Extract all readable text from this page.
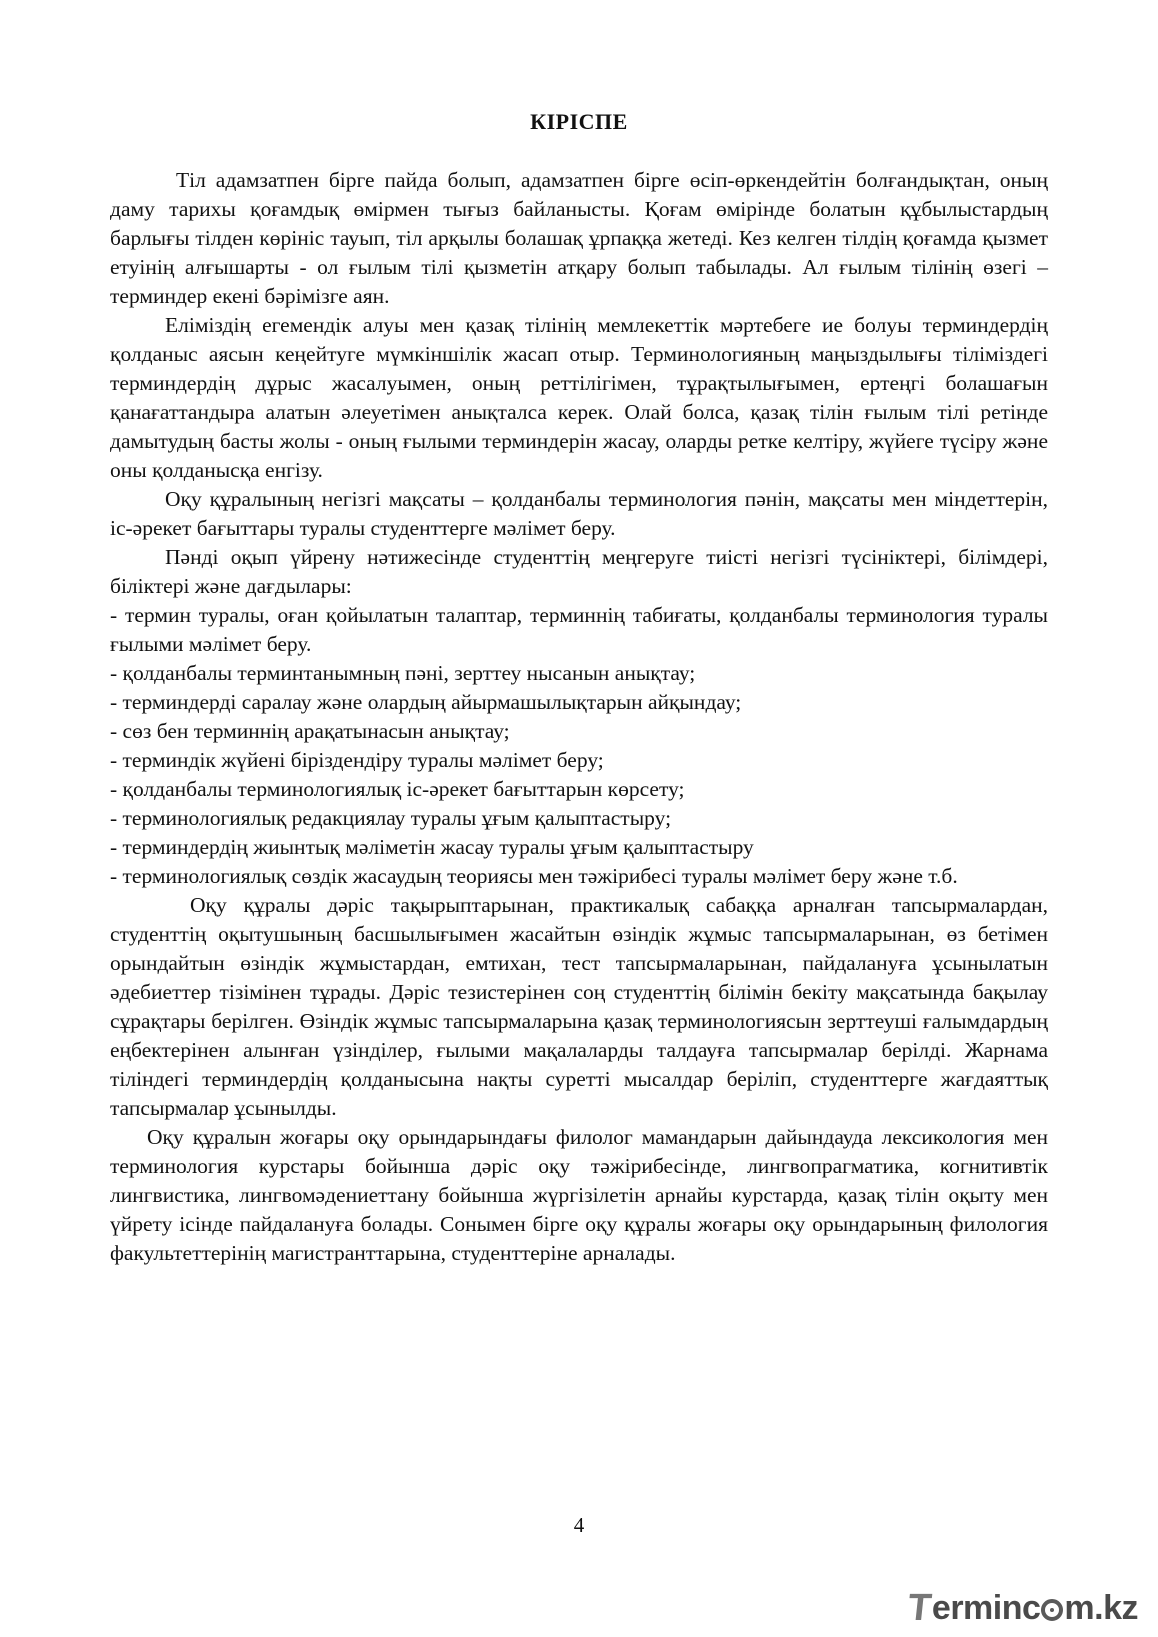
КІРІСПЕ

Тіл адамзатпен бірге пайда болып, адамзатпен бірге өсіп-өркендейтін болғандықтан, оның даму тарихы қоғамдық өмірмен тығыз байланысты. Қоғам өмірінде болатын құбылыстардың барлығы тілден көрініс тауып, тіл арқылы болашақ ұрпаққа жетеді. Кез келген тілдің қоғамда қызмет етуінің алғышарты - ол ғылым тілі қызметін атқару болып табылады. Ал ғылым тілінің өзегі – терминдер екені бәрімізге аян.

Еліміздің егемендік алуы мен қазақ тілінің мемлекеттік мәртебеге ие болуы терминдердің қолданыс аясын кеңейтуге мүмкіншілік жасап отыр. Терминологияның маңыздылығы тіліміздегі терминдердің дұрыс жасалуымен, оның реттілігімен, тұрақтылығымен, ертеңгі болашағын қанағаттандыра алатын әлеуетімен анықталса керек. Олай болса, қазақ тілін ғылым тілі ретінде дамытудың басты жолы - оның ғылыми терминдерін жасау, оларды ретке келтіру, жүйеге түсіру және оны қолданысқа енгізу.

Оқу құралының негізгі мақсаты – қолданбалы терминология пәнін, мақсаты мен міндеттерін, іс-әрекет бағыттары туралы студенттерге мәлімет беру.

Пәнді оқып үйрену нәтижесінде студенттің меңгеруге тиісті негізгі түсініктері, білімдері, біліктері және дағдылары:

- термин туралы, оған қойылатын талаптар, терминнің табиғаты, қолданбалы терминология туралы ғылыми мәлімет беру.

- қолданбалы терминтанымның пәні, зерттеу нысанын анықтау;

- терминдерді саралау және олардың айырмашылықтарын айқындау;

- сөз бен терминнің арақатынасын анықтау;

- терминдік жүйені біріздендіру туралы мәлімет беру;

- қолданбалы терминологиялық іс-әрекет бағыттарын көрсету;

- терминологиялық редакциялау туралы ұғым қалыптастыру;

- терминдердің жиынтық мәліметін жасау туралы ұғым қалыптастыру

- терминологиялық сөздік жасаудың теориясы мен тәжірибесі туралы мәлімет беру және т.б.

Оқу құралы дәріс тақырыптарынан, практикалық сабаққа арналған тапсырмалардан, студенттің оқытушының басшылығымен жасайтын өзіндік жұмыс тапсырмаларынан, өз бетімен орындайтын өзіндік жұмыстардан, емтихан, тест тапсырмаларынан, пайдалануға ұсынылатын әдебиеттер тізімінен тұрады. Дәріс тезистерінен соң студенттің білімін бекіту мақсатында бақылау сұрақтары берілген. Өзіндік жұмыс тапсырмаларына қазақ терминологиясын зерттеуші ғалымдардың еңбектерінен алынған үзінділер, ғылыми мақалаларды талдауға тапсырмалар берілді. Жарнама тіліндегі терминдердің қолданысына нақты суретті мысалдар беріліп, студенттерге жағдаяттық тапсырмалар ұсынылды.

Оқу құралын жоғары оқу орындарындағы филолог мамандарын дайындауда лексикология мен терминология курстары бойынша дәріс оқу тәжірибесінде, лингвопрагматика, когнитивтік лингвистика, лингвомәдениеттану бойынша жүргізілетін арнайы курстарда, қазақ тілін оқыту мен үйрету ісінде пайдалануға болады. Сонымен бірге оқу құралы жоғары оқу орындарының филология факультеттерінің магистранттарына, студенттеріне арналады.

4
T
erminc m.kz
